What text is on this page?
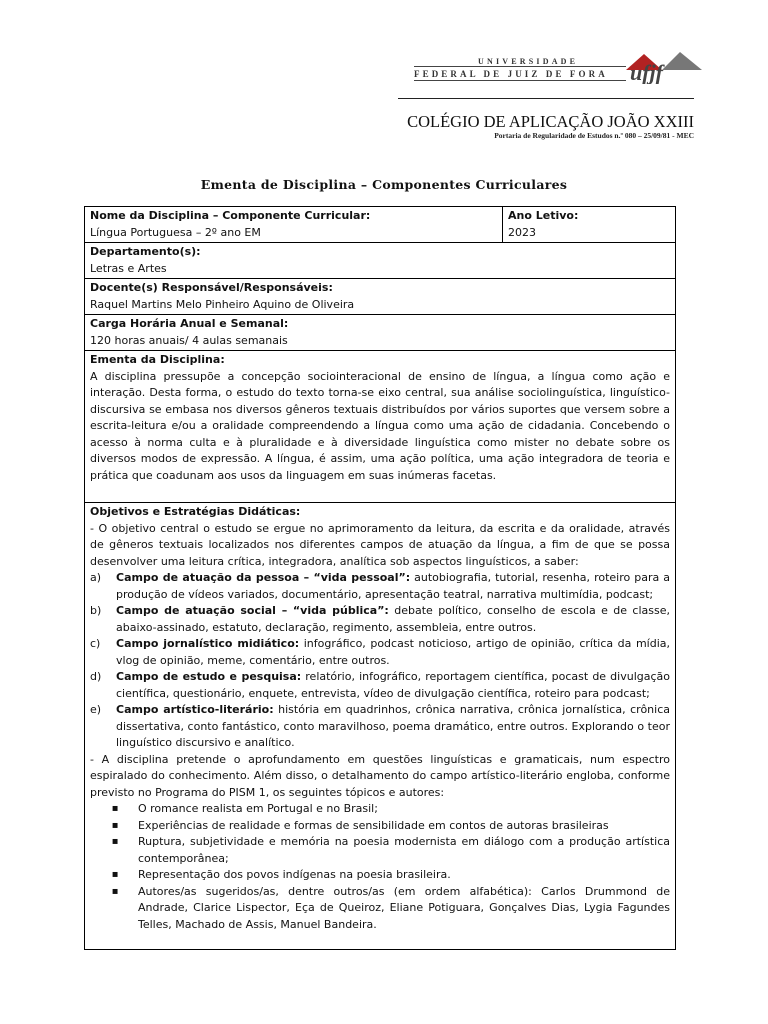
UNIVERSIDADE
FEDERAL DE JUIZ DE FORA ufjf
COLÉGIO DE APLICAÇÃO JOÃO XXIII
Portaria de Regularidade de Estudos n.º 080 – 25/09/81 - MEC
Ementa de Disciplina – Componentes Curriculares
Nome da Disciplina – Componente Curricular:
Língua Portuguesa – 2º ano EM
Ano Letivo:
2023
Departamento(s):
Letras e Artes
Docente(s) Responsável/Responsáveis:
Raquel Martins Melo Pinheiro Aquino de Oliveira
Carga Horária Anual e Semanal:
120 horas anuais/ 4 aulas semanais
Ementa da Disciplina:
A disciplina pressupõe a concepção sociointeracional de ensino de língua, a língua como ação e interação. Desta forma, o estudo do texto torna-se eixo central, sua análise sociolinguística, linguístico-discursiva se embasa nos diversos gêneros textuais distribuídos por vários suportes que versem sobre a escrita-leitura e/ou a oralidade compreendendo a língua como uma ação de cidadania. Concebendo o acesso à norma culta e à pluralidade e à diversidade linguística como mister no debate sobre os diversos modos de expressão. A língua, é assim, uma ação política, uma ação integradora de teoria e prática que coadunam aos usos da linguagem em suas inúmeras facetas.
Objetivos e Estratégias Didáticas:
- O objetivo central o estudo se ergue no aprimoramento da leitura, da escrita e da oralidade, através de gêneros textuais localizados nos diferentes campos de atuação da língua, a fim de que se possa desenvolver uma leitura crítica, integradora, analítica sob aspectos linguísticos, a saber:
a)	Campo de atuação da pessoa – “vida pessoal”: autobiografia, tutorial, resenha, roteiro para a produção de vídeos variados, documentário, apresentação teatral, narrativa multimídia, podcast;
b)	Campo de atuação social – “vida pública”: debate político, conselho de escola e de classe, abaixo-assinado, estatuto, declaração, regimento, assembleia, entre outros.
c)	Campo jornalístico midiático: infográfico, podcast noticioso, artigo de opinião, crítica da mídia, vlog de opinião, meme, comentário, entre outros.
d)	Campo de estudo e pesquisa: relatório, infográfico, reportagem científica, pocast de divulgação científica, questionário, enquete, entrevista, vídeo de divulgação científica, roteiro para podcast;
e)	Campo artístico-literário: história em quadrinhos, crônica narrativa, crônica jornalística, crônica dissertativa, conto fantástico, conto maravilhoso, poema dramático, entre outros. Explorando o teor linguístico discursivo e analítico.
- A disciplina pretende o aprofundamento em questões linguísticas e gramaticais, num espectro espiralado do conhecimento. Além disso, o detalhamento do campo artístico-literário engloba, conforme previsto no Programa do PISM 1, os seguintes tópicos e autores:
▪	O romance realista em Portugal e no Brasil;
▪	Experiências de realidade e formas de sensibilidade em contos de autoras brasileiras
▪	Ruptura, subjetividade e memória na poesia modernista em diálogo com a produção artística contemporânea;
▪	Representação dos povos indígenas na poesia brasileira.
▪	Autores/as sugeridos/as, dentre outros/as (em ordem alfabética): Carlos Drummond de Andrade, Clarice Lispector, Eça de Queiroz, Eliane Potiguara, Gonçalves Dias, Lygia Fagundes Telles, Machado de Assis, Manuel Bandeira.
